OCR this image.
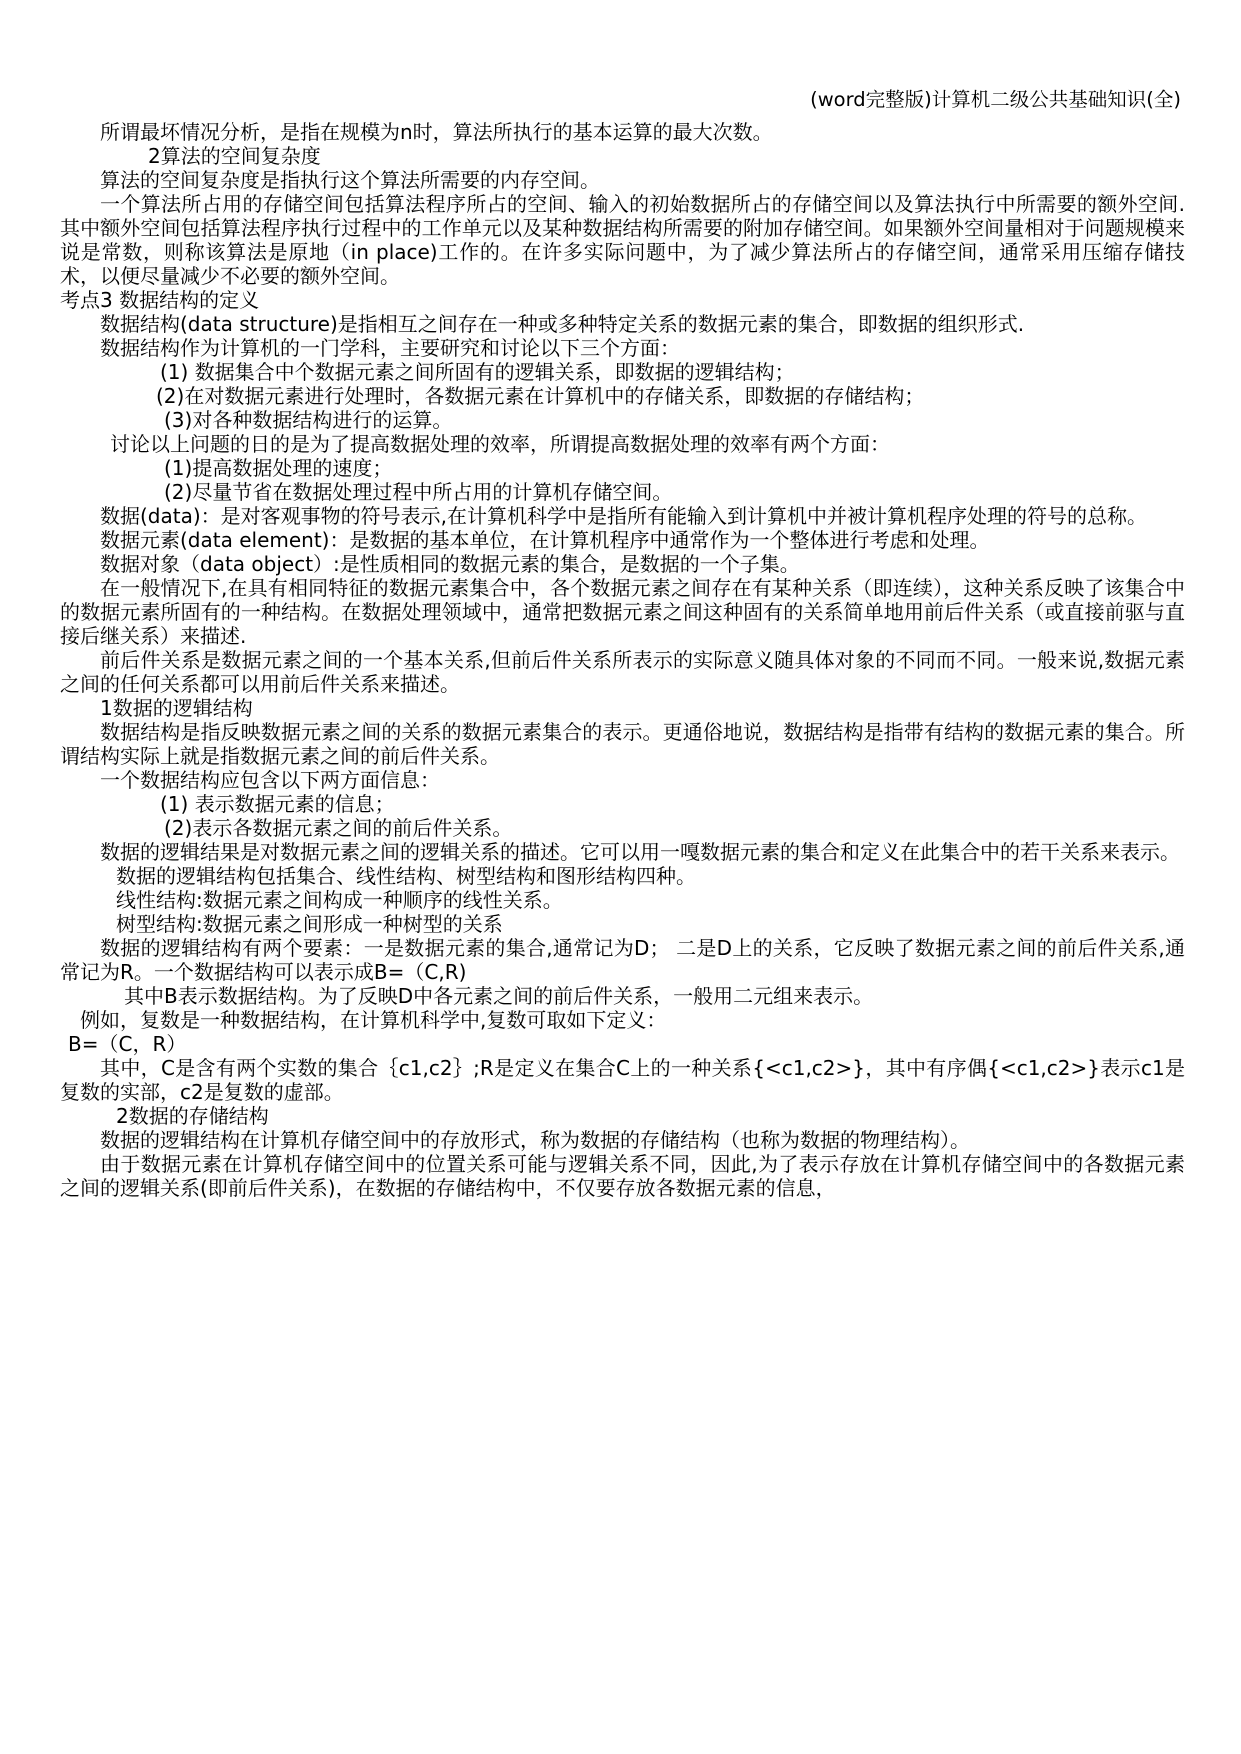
(word完整版)计算机二级公共基础知识(全)

所谓最坏情况分析，是指在规模为n时，算法所执行的基本运算的最大次数。

2算法的空间复杂度

算法的空间复杂度是指执行这个算法所需要的内存空间。

一个算法所占用的存储空间包括算法程序所占的空间、输入的初始数据所占的存储空间以及算法执行中所需要的额外空间.其中额外空间包括算法程序执行过程中的工作单元以及某种数据结构所需要的附加存储空间。如果额外空间量相对于问题规模来说是常数，则称该算法是原地（in place)工作的。在许多实际问题中，为了减少算法所占的存储空间，通常采用压缩存储技术，以便尽量减少不必要的额外空间。

考点3 数据结构的定义

数据结构(data structure)是指相互之间存在一种或多种特定关系的数据元素的集合，即数据的组织形式.

数据结构作为计算机的一门学科，主要研究和讨论以下三个方面：

(1) 数据集合中个数据元素之间所固有的逻辑关系，即数据的逻辑结构；

(2)在对数据元素进行处理时，各数据元素在计算机中的存储关系，即数据的存储结构；

(3)对各种数据结构进行的运算。

讨论以上问题的日的是为了提高数据处理的效率，所谓提高数据处理的效率有两个方面：

(1)提高数据处理的速度；

(2)尽量节省在数据处理过程中所占用的计算机存储空间。

数据(data)：是对客观事物的符号表示,在计算机科学中是指所有能输入到计算机中并被计算机程序处理的符号的总称。

数据元素(data element)：是数据的基本单位，在计算机程序中通常作为一个整体进行考虑和处理。

数据对象（data object）:是性质相同的数据元素的集合，是数据的一个子集。

在一般情况下,在具有相同特征的数据元素集合中，各个数据元素之间存在有某种关系（即连续），这种关系反映了该集合中的数据元素所固有的一种结构。在数据处理领域中，通常把数据元素之间这种固有的关系简单地用前后件关系（或直接前驱与直接后继关系）来描述.

前后件关系是数据元素之间的一个基本关系,但前后件关系所表示的实际意义随具体对象的不同而不同。一般来说,数据元素之间的任何关系都可以用前后件关系来描述。

1数据的逻辑结构

数据结构是指反映数据元素之间的关系的数据元素集合的表示。更通俗地说，数据结构是指带有结构的数据元素的集合。所谓结构实际上就是指数据元素之间的前后件关系。

一个数据结构应包含以下两方面信息：

(1) 表示数据元素的信息；

(2)表示各数据元素之间的前后件关系。

数据的逻辑结果是对数据元素之间的逻辑关系的描述。它可以用一嘎数据元素的集合和定义在此集合中的若干关系来表示。

数据的逻辑结构包括集合、线性结构、树型结构和图形结构四种。

线性结构:数据元素之间构成一种顺序的线性关系。

树型结构:数据元素之间形成一种树型的关系

数据的逻辑结构有两个要素：一是数据元素的集合,通常记为D； 二是D上的关系，它反映了数据元素之间的前后件关系,通常记为R。一个数据结构可以表示成B=（C,R)

其中B表示数据结构。为了反映D中各元素之间的前后件关系，一般用二元组来表示。

例如，复数是一种数据结构，在计算机科学中,复数可取如下定义：

B=（C，R）

其中，C是含有两个实数的集合｛c1,c2｝;R是定义在集合C上的一种关系{<c1,c2>}，其中有序偶{<c1,c2>}表示c1是复数的实部，c2是复数的虚部。

2数据的存储结构

数据的逻辑结构在计算机存储空间中的存放形式，称为数据的存储结构（也称为数据的物理结构）。

由于数据元素在计算机存储空间中的位置关系可能与逻辑关系不同，因此,为了表示存放在计算机存储空间中的各数据元素之间的逻辑关系(即前后件关系)，在数据的存储结构中，不仅要存放各数据元素的信息，
